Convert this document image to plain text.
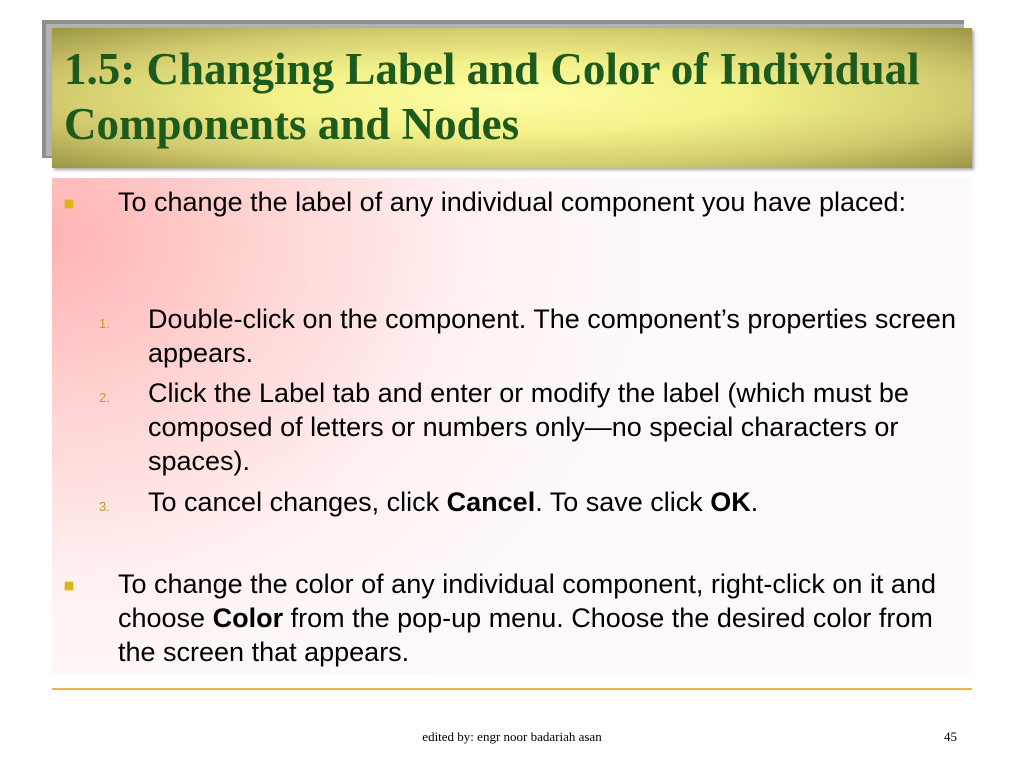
1.5: Changing Label and Color of Individual Components and Nodes

To change the label of any individual component you have placed:

1. Double-click on the component. The component’s properties screen appears.

2. Click the Label tab and enter or modify the label (which must be composed of letters or numbers only—no special characters or spaces).

3. To cancel changes, click Cancel. To save click OK.

To change the color of any individual component, right-click on it and choose Color from the pop-up menu. Choose the desired color from the screen that appears.

edited by: engr noor badariah asan	45
